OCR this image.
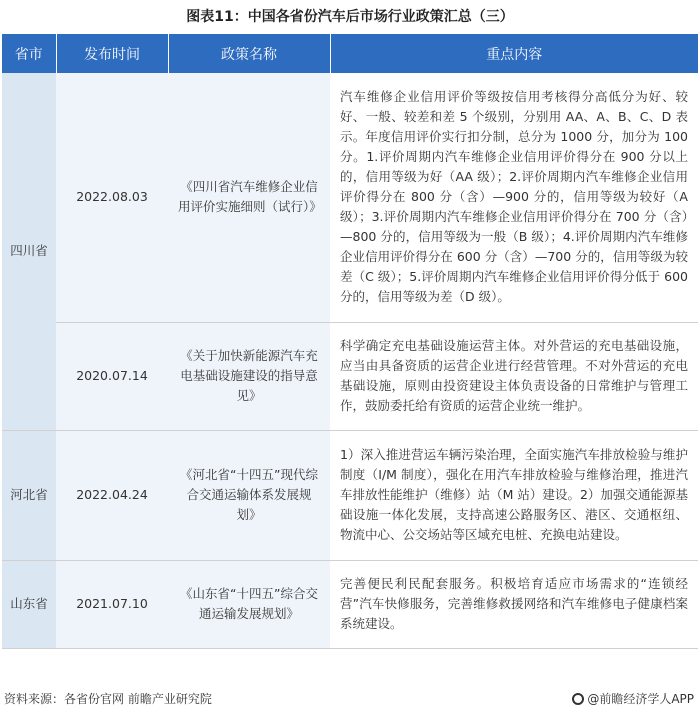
图表11：中国各省份汽车后市场行业政策汇总（三）
省市	发布时间	政策名称	重点内容
四川省	2022.08.03	《四川省汽车维修企业信用评价实施细则（试行）》	汽车维修企业信用评价等级按信用考核得分高低分为好、较好、一般、较差和差 5 个级别，分别用 AA、A、B、C、D 表示。年度信用评价实行扣分制，总分为 1000 分，加分为 100 分。1.评价周期内汽车维修企业信用评价得分在 900 分以上的，信用等级为好（AA 级）；2.评价周期内汽车维修企业信用评价得分在 800 分（含）—900 分的，信用等级为较好（A 级）；3.评价周期内汽车维修企业信用评价得分在 700 分（含）—800 分的，信用等级为一般（B 级）；4.评价周期内汽车维修企业信用评价得分在 600 分（含）—700 分的，信用等级为较差（C 级）；5.评价周期内汽车维修企业信用评价得分低于 600 分的，信用等级为差（D 级）。
	2020.07.14	《关于加快新能源汽车充电基础设施建设的指导意见》	科学确定充电基础设施运营主体。对外营运的充电基础设施，应当由具备资质的运营企业进行经营管理。不对外营运的充电基础设施，原则由投资建设主体负责设备的日常维护与管理工作，鼓励委托给有资质的运营企业统一维护。
河北省	2022.04.24	《河北省“十四五”现代综合交通运输体系发展规划》	1）深入推进营运车辆污染治理，全面实施汽车排放检验与维护制度（I/M 制度），强化在用汽车排放检验与维修治理，推进汽车排放性能维护（维修）站（M 站）建设。2）加强交通能源基础设施一体化发展，支持高速公路服务区、港区、交通枢纽、物流中心、公交场站等区域充电桩、充换电站建设。
山东省	2021.07.10	《山东省“十四五”综合交通运输发展规划》	完善便民利民配套服务。积极培育适应市场需求的“连锁经营”汽车快修服务，完善维修救援网络和汽车维修电子健康档案系统建设。
资料来源：各省份官网 前瞻产业研究院	@前瞻经济学人APP
